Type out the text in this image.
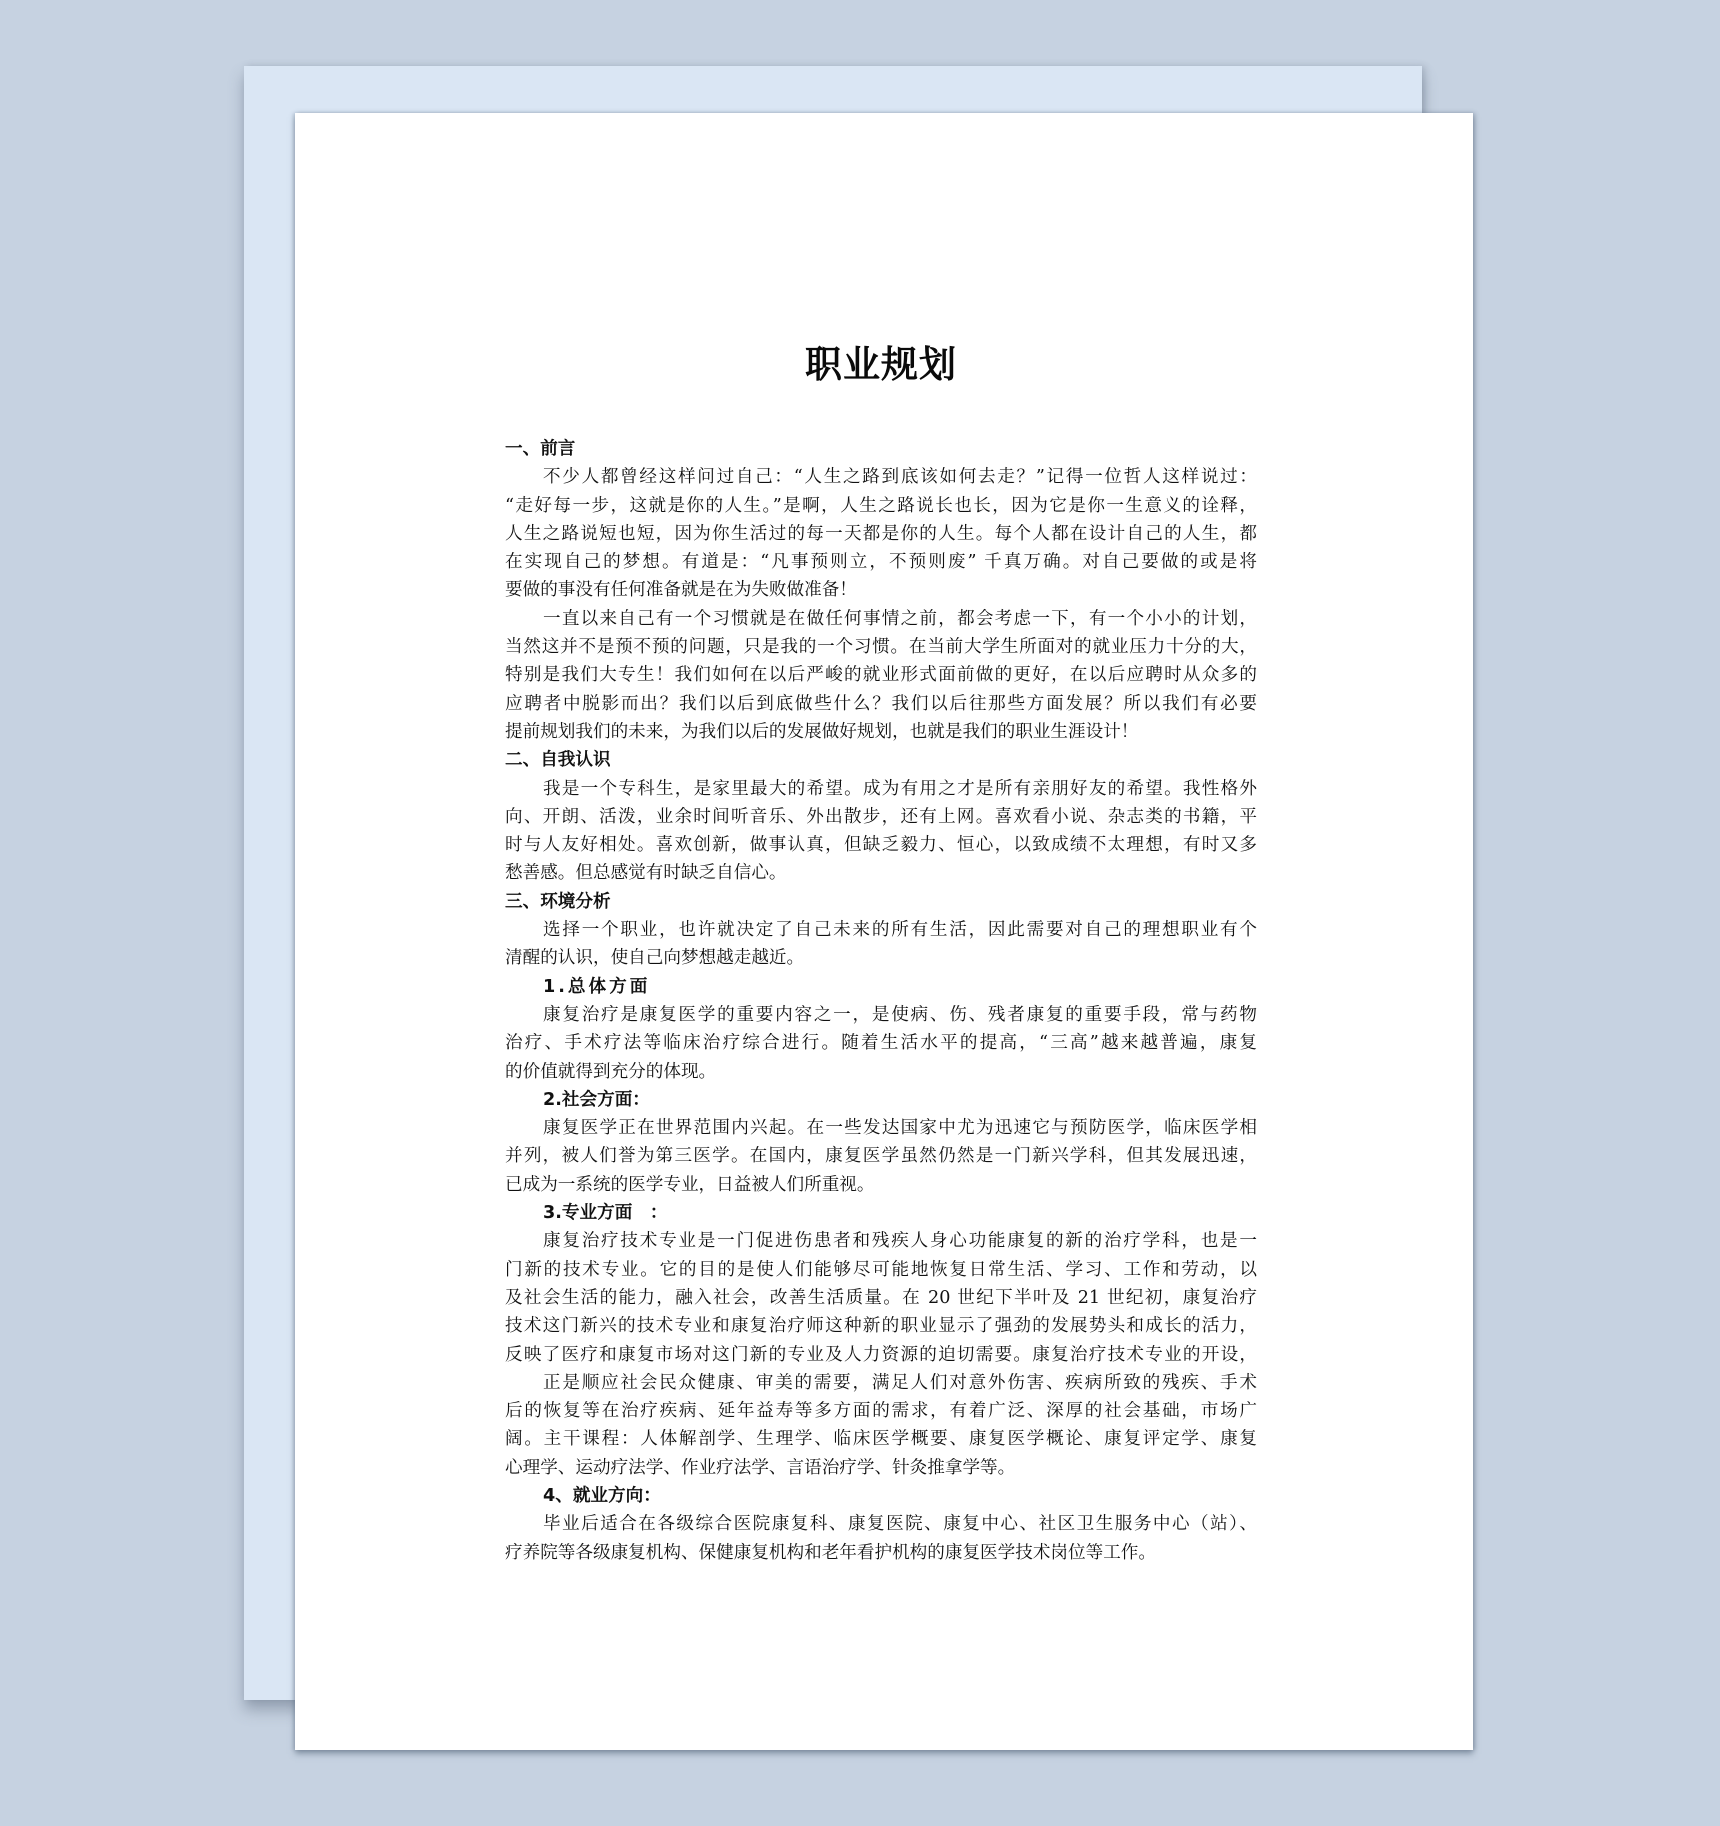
职业规划
一、前言
不少人都曾经这样问过自己：“人生之路到底该如何去走？”记得一位哲人这样说过：
“走好每一步，这就是你的人生。”是啊，人生之路说长也长，因为它是你一生意义的诠释，
人生之路说短也短，因为你生活过的每一天都是你的人生。每个人都在设计自己的人生，都
在实现自己的梦想。有道是：“凡事预则立，不预则废” 千真万确。对自己要做的或是将
要做的事没有任何准备就是在为失败做准备！
一直以来自己有一个习惯就是在做任何事情之前，都会考虑一下，有一个小小的计划，
当然这并不是预不预的问题，只是我的一个习惯。在当前大学生所面对的就业压力十分的大，
特别是我们大专生！我们如何在以后严峻的就业形式面前做的更好，在以后应聘时从众多的
应聘者中脱影而出？我们以后到底做些什么？我们以后往那些方面发展？所以我们有必要
提前规划我们的未来，为我们以后的发展做好规划，也就是我们的职业生涯设计！
二、自我认识
我是一个专科生，是家里最大的希望。成为有用之才是所有亲朋好友的希望。我性格外
向、开朗、活泼，业余时间听音乐、外出散步，还有上网。喜欢看小说、杂志类的书籍，平
时与人友好相处。喜欢创新，做事认真，但缺乏毅力、恒心，以致成绩不太理想，有时又多
愁善感。但总感觉有时缺乏自信心。
三、环境分析
选择一个职业，也许就决定了自己未来的所有生活，因此需要对自己的理想职业有个
清醒的认识，使自己向梦想越走越近。
1.总体方面
康复治疗是康复医学的重要内容之一，是使病、伤、残者康复的重要手段，常与药物
治疗、手术疗法等临床治疗综合进行。随着生活水平的提高，“三高”越来越普遍，康复
的价值就得到充分的体现。
2.社会方面：
康复医学正在世界范围内兴起。在一些发达国家中尤为迅速它与预防医学，临床医学相
并列，被人们誉为第三医学。在国内，康复医学虽然仍然是一门新兴学科，但其发展迅速，
已成为一系统的医学专业，日益被人们所重视。
3.专业方面　：
康复治疗技术专业是一门促进伤患者和残疾人身心功能康复的新的治疗学科，也是一
门新的技术专业。它的目的是使人们能够尽可能地恢复日常生活、学习、工作和劳动，以
及社会生活的能力，融入社会，改善生活质量。在 20 世纪下半叶及 21 世纪初，康复治疗
技术这门新兴的技术专业和康复治疗师这种新的职业显示了强劲的发展势头和成长的活力，
反映了医疗和康复市场对这门新的专业及人力资源的迫切需要。康复治疗技术专业的开设，
正是顺应社会民众健康、审美的需要，满足人们对意外伤害、疾病所致的残疾、手术
后的恢复等在治疗疾病、延年益寿等多方面的需求，有着广泛、深厚的社会基础，市场广
阔。主干课程：人体解剖学、生理学、临床医学概要、康复医学概论、康复评定学、康复
心理学、运动疗法学、作业疗法学、言语治疗学、针灸推拿学等。
4、就业方向：
毕业后适合在各级综合医院康复科、康复医院、康复中心、社区卫生服务中心（站）、
疗养院等各级康复机构、保健康复机构和老年看护机构的康复医学技术岗位等工作。
